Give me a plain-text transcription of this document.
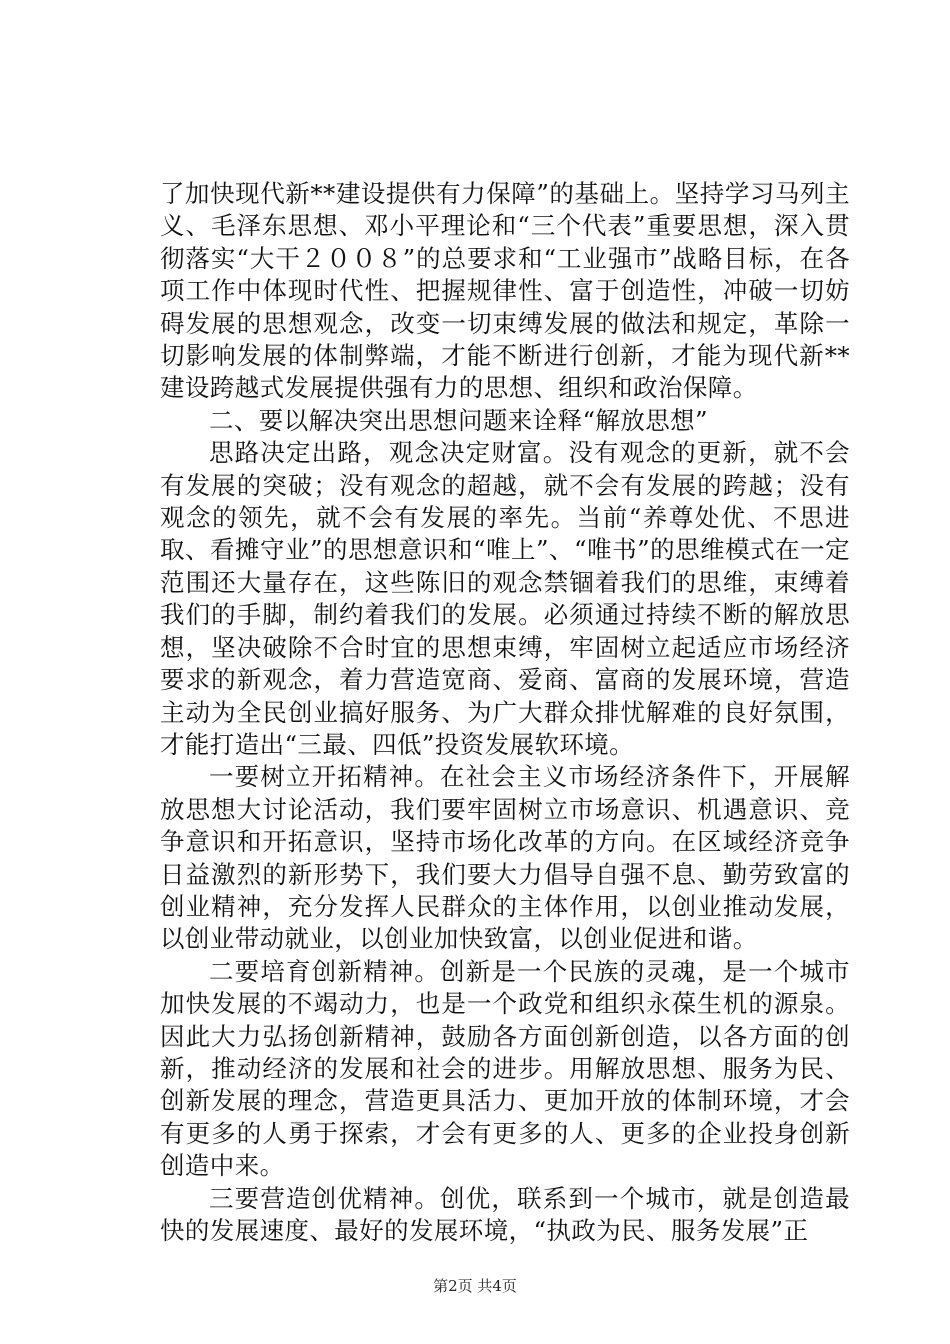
了加快现代新**建设提供有力保障”的基础上。坚持学习马列主义、毛泽东思想、邓小平理论和“三个代表”重要思想，深入贯彻落实“大干２００８”的总要求和“工业强市”战略目标，在各项工作中体现时代性、把握规律性、富于创造性，冲破一切妨碍发展的思想观念，改变一切束缚发展的做法和规定，革除一切影响发展的体制弊端，才能不断进行创新，才能为现代新**建设跨越式发展提供强有力的思想、组织和政治保障。

二、要以解决突出思想问题来诠释“解放思想”

思路决定出路，观念决定财富。没有观念的更新，就不会有发展的突破；没有观念的超越，就不会有发展的跨越；没有观念的领先，就不会有发展的率先。当前“养尊处优、不思进取、看摊守业”的思想意识和“唯上”、“唯书”的思维模式在一定范围还大量存在，这些陈旧的观念禁锢着我们的思维，束缚着我们的手脚，制约着我们的发展。必须通过持续不断的解放思想，坚决破除不合时宜的思想束缚，牢固树立起适应市场经济要求的新观念，着力营造宽商、爱商、富商的发展环境，营造主动为全民创业搞好服务、为广大群众排忧解难的良好氛围，才能打造出“三最、四低”投资发展软环境。

一要树立开拓精神。在社会主义市场经济条件下，开展解放思想大讨论活动，我们要牢固树立市场意识、机遇意识、竞争意识和开拓意识，坚持市场化改革的方向。在区域经济竞争日益激烈的新形势下，我们要大力倡导自强不息、勤劳致富的创业精神，充分发挥人民群众的主体作用，以创业推动发展，以创业带动就业，以创业加快致富，以创业促进和谐。

二要培育创新精神。创新是一个民族的灵魂，是一个城市加快发展的不竭动力，也是一个政党和组织永葆生机的源泉。因此大力弘扬创新精神，鼓励各方面创新创造，以各方面的创新，推动经济的发展和社会的进步。用解放思想、服务为民、创新发展的理念，营造更具活力、更加开放的体制环境，才会有更多的人勇于探索，才会有更多的人、更多的企业投身创新创造中来。

三要营造创优精神。创优，联系到一个城市，就是创造最快的发展速度、最好的发展环境，“执政为民、服务发展”正

第2页 共4页
